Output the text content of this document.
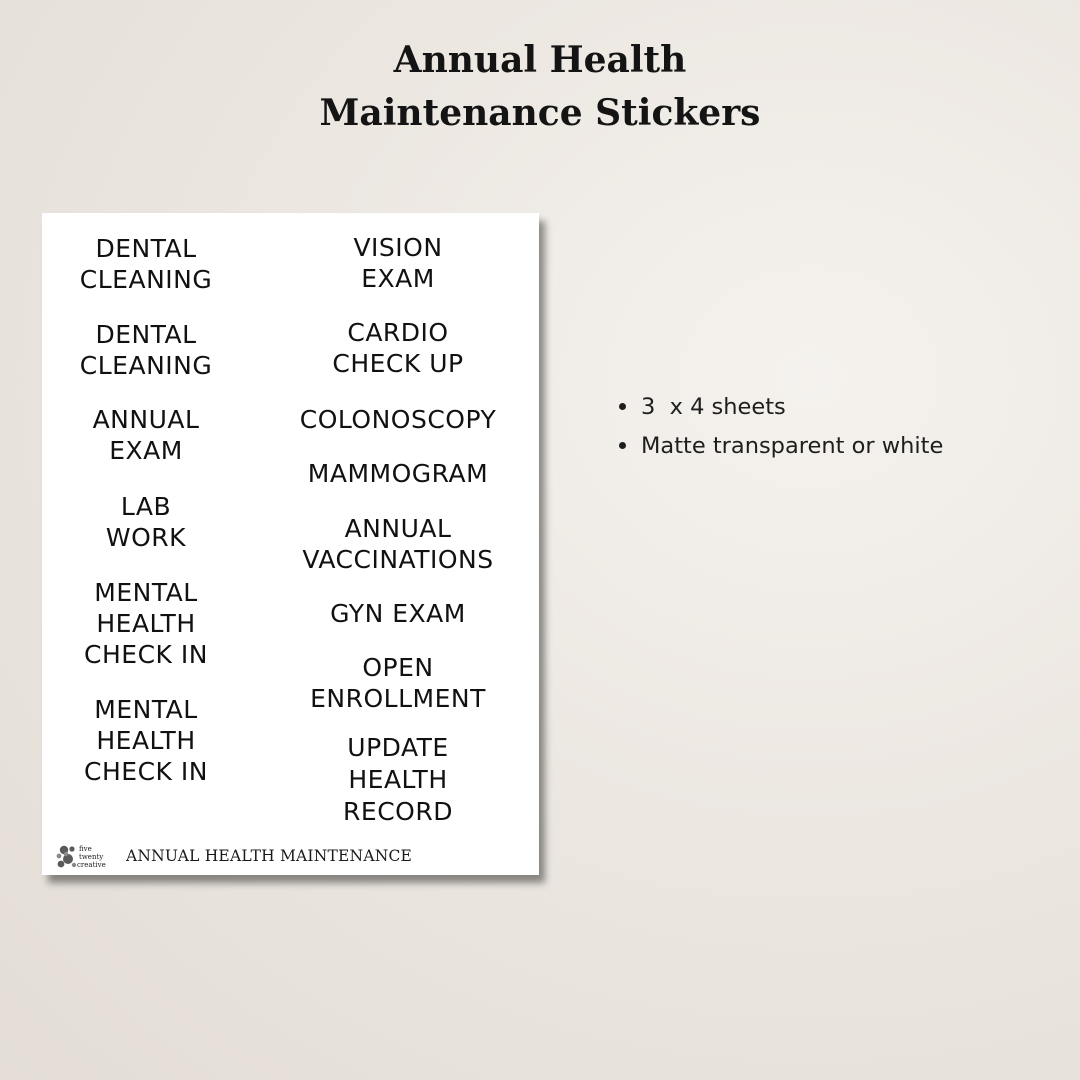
Annual Health
Maintenance Stickers
DENTAL
CLEANING
DENTAL
CLEANING
ANNUAL
EXAM
LAB
WORK
MENTAL
HEALTH
CHECK IN
MENTAL
HEALTH
CHECK IN
VISION
EXAM
CARDIO
CHECK UP
COLONOSCOPY
MAMMOGRAM
ANNUAL
VACCINATIONS
GYN EXAM
OPEN
ENROLLMENT
UPDATE
HEALTH
RECORD
five
twenty
creative ANNUAL HEALTH MAINTENANCE
3  x 4 sheets
Matte transparent or white
